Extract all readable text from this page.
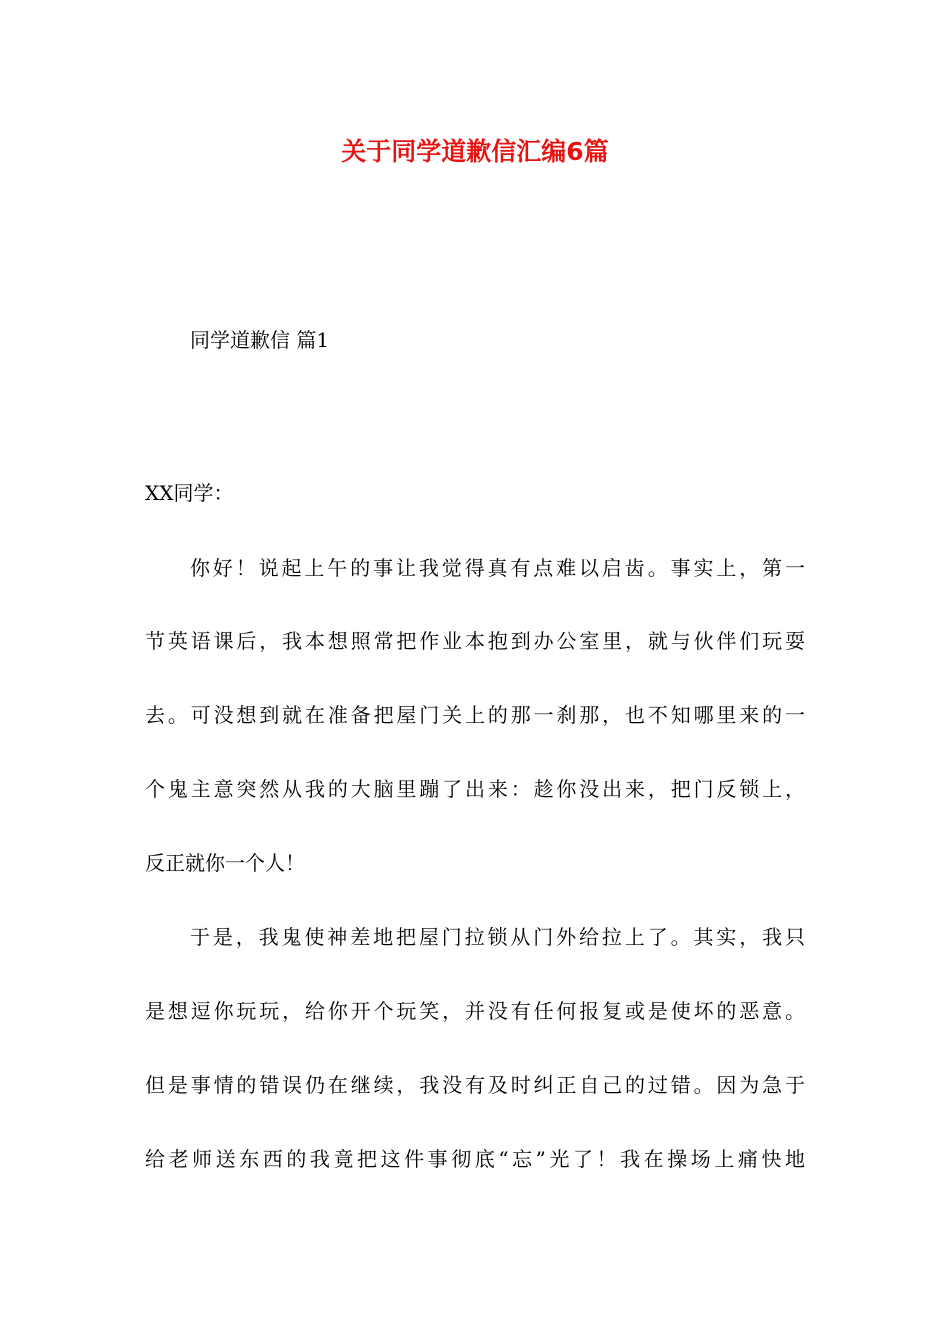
关于同学道歉信汇编6篇

同学道歉信 篇1

XX同学：

你好！说起上午的事让我觉得真有点难以启齿。事实上，第一

节英语课后，我本想照常把作业本抱到办公室里，就与伙伴们玩耍

去。可没想到就在准备把屋门关上的那一刹那，也不知哪里来的一

个鬼主意突然从我的大脑里蹦了出来：趁你没出来，把门反锁上，

反正就你一个人！

于是，我鬼使神差地把屋门拉锁从门外给拉上了。其实，我只

是想逗你玩玩，给你开个玩笑，并没有任何报复或是使坏的恶意。

但是事情的错误仍在继续，我没有及时纠正自己的过错。因为急于

给老师送东西的我竟把这件事彻底“忘”光了！我在操场上痛快地
